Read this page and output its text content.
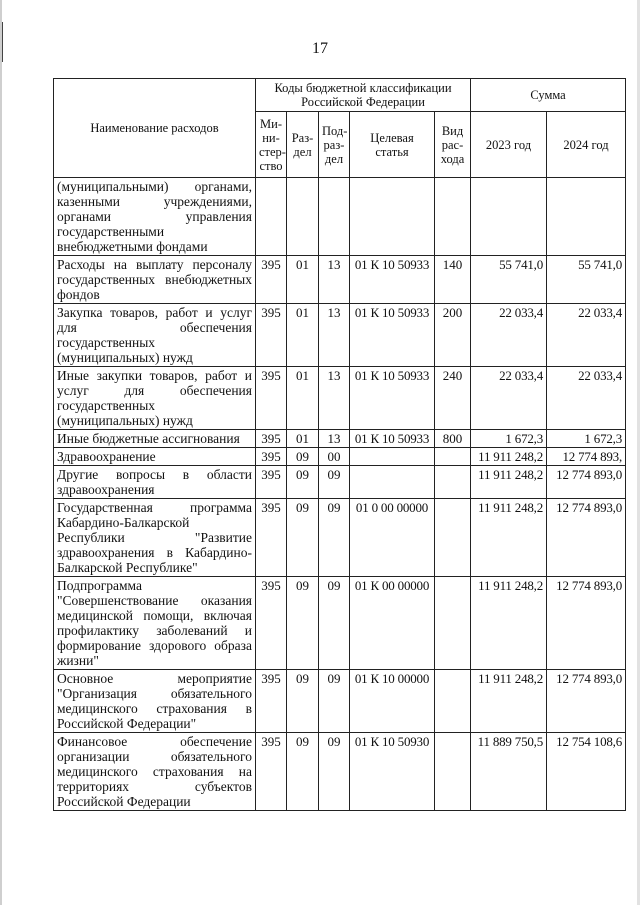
17
Наименование расходов	Коды бюджетной классификации Российской Федерации					Сумма	
	Ми-ни-стер-ство	Раз-дел	Под-раз-дел	Целевая статья	Вид рас-хода	2023 год	2024 год
(муниципальными) органами, казенными учреждениями, органами управления государственными внебюджетными фондами							
Расходы на выплату персоналу государственных внебюджетных фондов	395	01	13	01 К 10 50933	140	55 741,0	55 741,0
Закупка товаров, работ и услуг для обеспечения государственных (муниципальных) нужд	395	01	13	01 К 10 50933	200	22 033,4	22 033,4
Иные закупки товаров, работ и услуг для обеспечения государственных (муниципальных) нужд	395	01	13	01 К 10 50933	240	22 033,4	22 033,4
Иные бюджетные ассигнования	395	01	13	01 К 10 50933	800	1 672,3	1 672,3
Здравоохранение	395	09	00			11 911 248,2	12 774 893,
Другие вопросы в области здравоохранения	395	09	09			11 911 248,2	12 774 893,0
Государственная программа Кабардино-Балкарской Республики "Развитие здравоохранения в Кабардино-Балкарской Республике"	395	09	09	01 0 00 00000		11 911 248,2	12 774 893,0
Подпрограмма "Совершенствование оказания медицинской помощи, включая профилактику заболеваний и формирование здорового образа жизни"	395	09	09	01 К 00 00000		11 911 248,2	12 774 893,0
Основное мероприятие "Организация обязательного медицинского страхования в Российской Федерации"	395	09	09	01 К 10 00000		11 911 248,2	12 774 893,0
Финансовое обеспечение организации обязательного медицинского страхования на территориях субъектов Российской Федерации	395	09	09	01 К 10 50930		11 889 750,5	12 754 108,6
